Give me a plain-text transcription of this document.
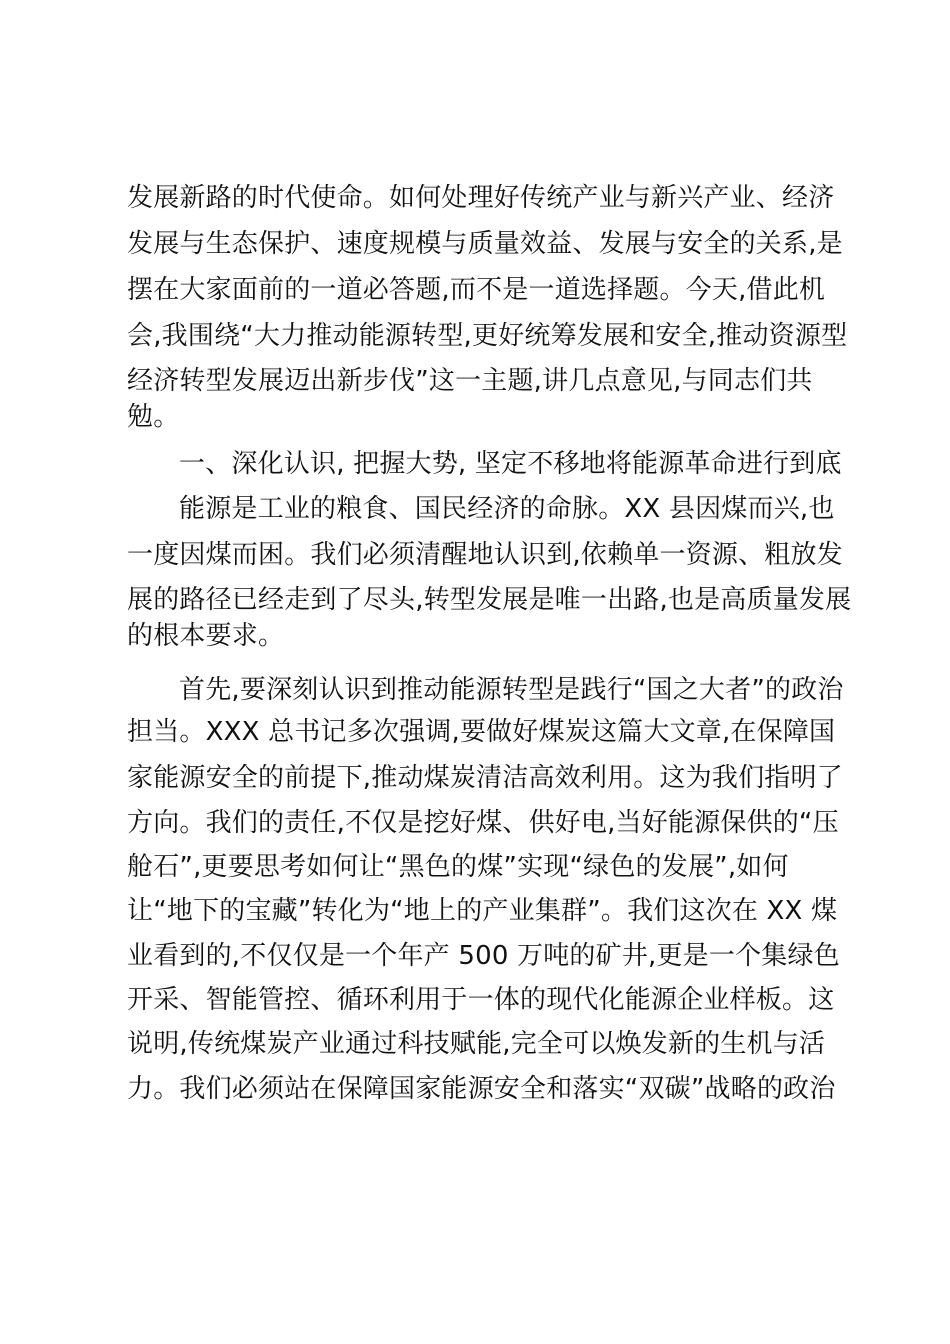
发展新路的时代使命。如何处理好传统产业与新兴产业、经济
发展与生态保护、速度规模与质量效益、发展与安全的关系,是
摆在大家面前的一道必答题,而不是一道选择题。今天,借此机
会,我围绕“大力推动能源转型,更好统筹发展和安全,推动资源型
经济转型发展迈出新步伐”这一主题,讲几点意见,与同志们共
勉。
一、深化认识, 把握大势, 坚定不移地将能源革命进行到底
能源是工业的粮食、国民经济的命脉。XX 县因煤而兴,也
一度因煤而困。我们必须清醒地认识到,依赖单一资源、粗放发
展的路径已经走到了尽头,转型发展是唯一出路,也是高质量发展
的根本要求。
首先,要深刻认识到推动能源转型是践行“国之大者”的政治
担当。XXX 总书记多次强调,要做好煤炭这篇大文章,在保障国
家能源安全的前提下,推动煤炭清洁高效利用。这为我们指明了
方向。我们的责任,不仅是挖好煤、供好电,当好能源保供的“压
舱石”,更要思考如何让“黑色的煤”实现“绿色的发展”,如何
让“地下的宝藏”转化为“地上的产业集群”。我们这次在 XX 煤
业看到的,不仅仅是一个年产 500 万吨的矿井,更是一个集绿色
开采、智能管控、循环利用于一体的现代化能源企业样板。这
说明,传统煤炭产业通过科技赋能,完全可以焕发新的生机与活
力。我们必须站在保障国家能源安全和落实“双碳”战略的政治
